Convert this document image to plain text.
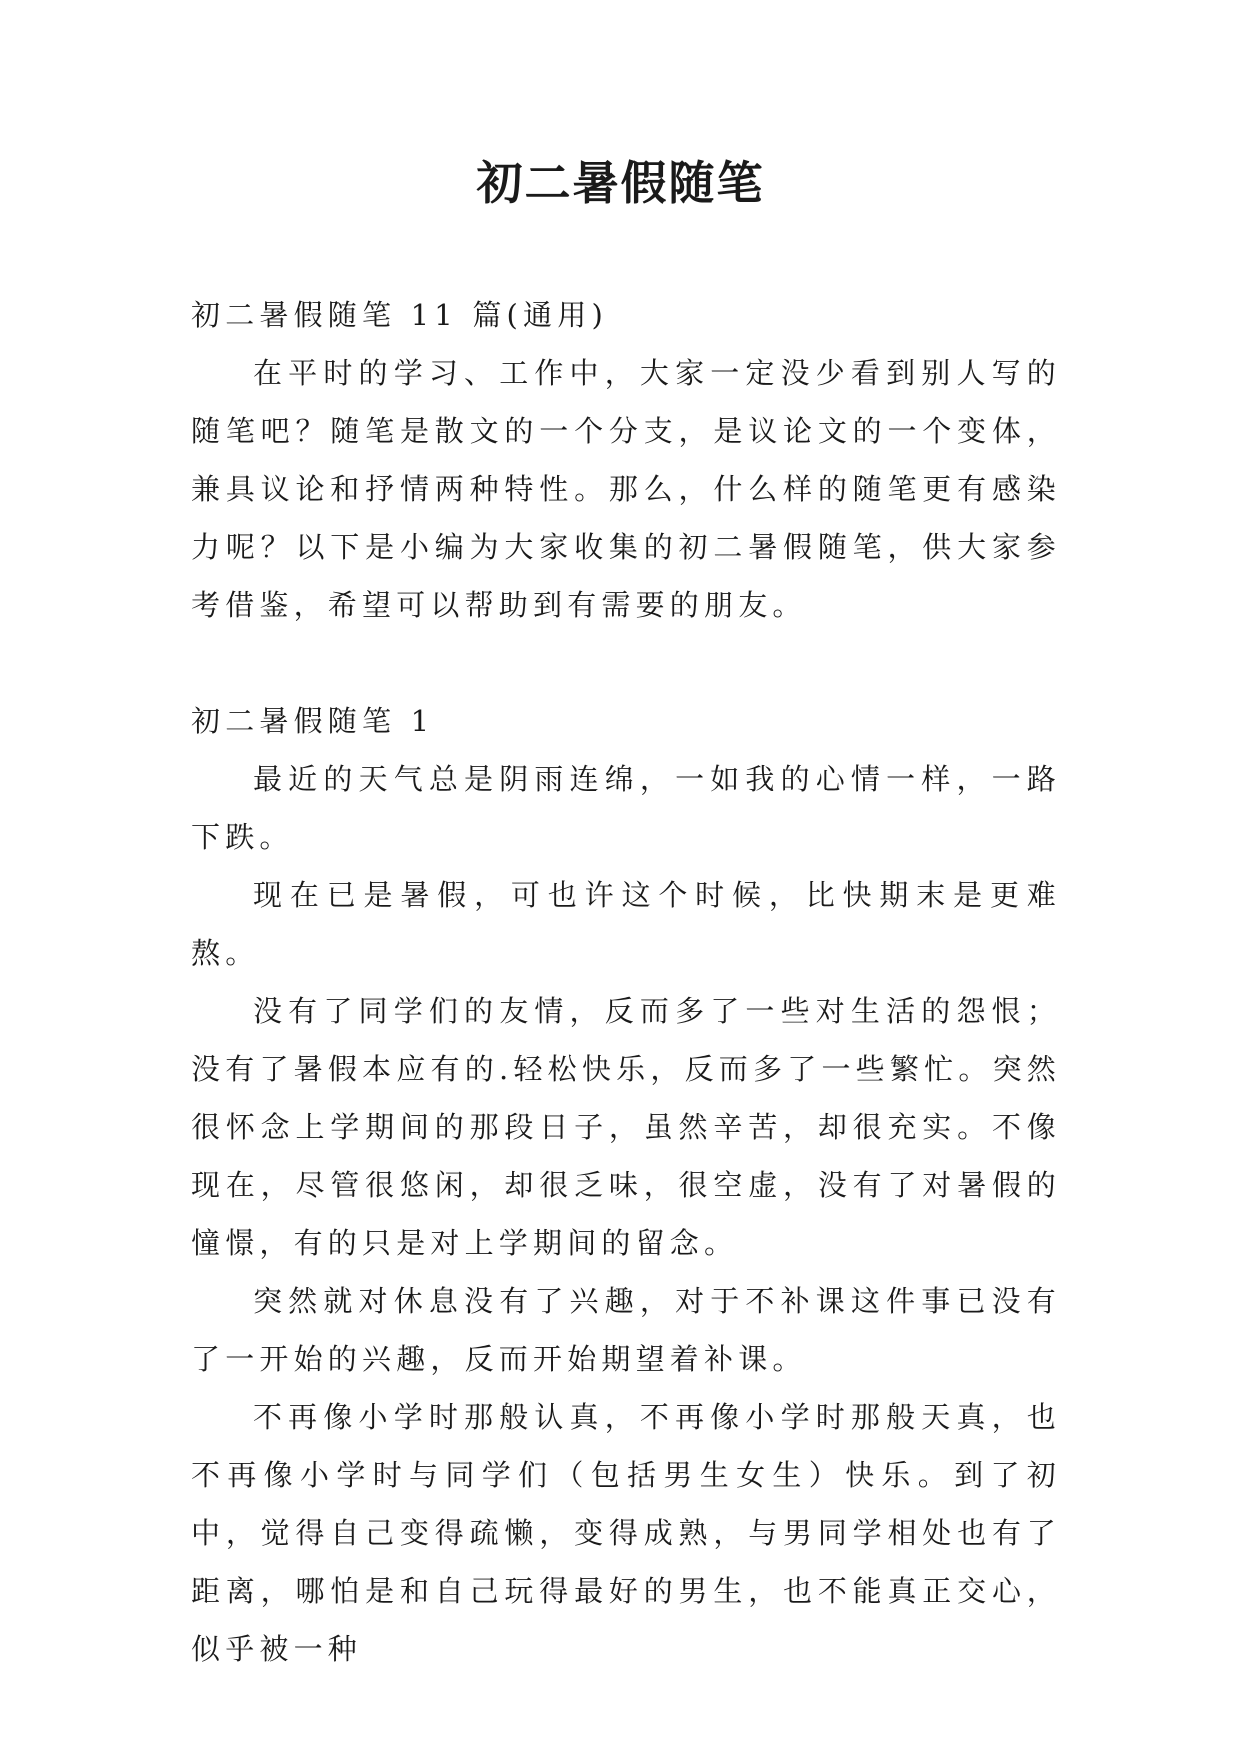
初二暑假随笔

初二暑假随笔 11 篇(通用)

在平时的学习、工作中，大家一定没少看到别人写的随笔吧？随笔是散文的一个分支，是议论文的一个变体，兼具议论和抒情两种特性。那么，什么样的随笔更有感染力呢？以下是小编为大家收集的初二暑假随笔，供大家参考借鉴，希望可以帮助到有需要的朋友。

初二暑假随笔 1

最近的天气总是阴雨连绵，一如我的心情一样，一路下跌。

现在已是暑假，可也许这个时候，比快期末是更难熬。

没有了同学们的友情，反而多了一些对生活的怨恨；没有了暑假本应有的.轻松快乐，反而多了一些繁忙。突然很怀念上学期间的那段日子，虽然辛苦，却很充实。不像现在，尽管很悠闲，却很乏味，很空虚，没有了对暑假的憧憬，有的只是对上学期间的留念。

突然就对休息没有了兴趣，对于不补课这件事已没有了一开始的兴趣，反而开始期望着补课。

不再像小学时那般认真，不再像小学时那般天真，也不再像小学时与同学们（包括男生女生）快乐。到了初中，觉得自己变得疏懒，变得成熟，与男同学相处也有了距离，哪怕是和自己玩得最好的男生，也不能真正交心，似乎被一种
